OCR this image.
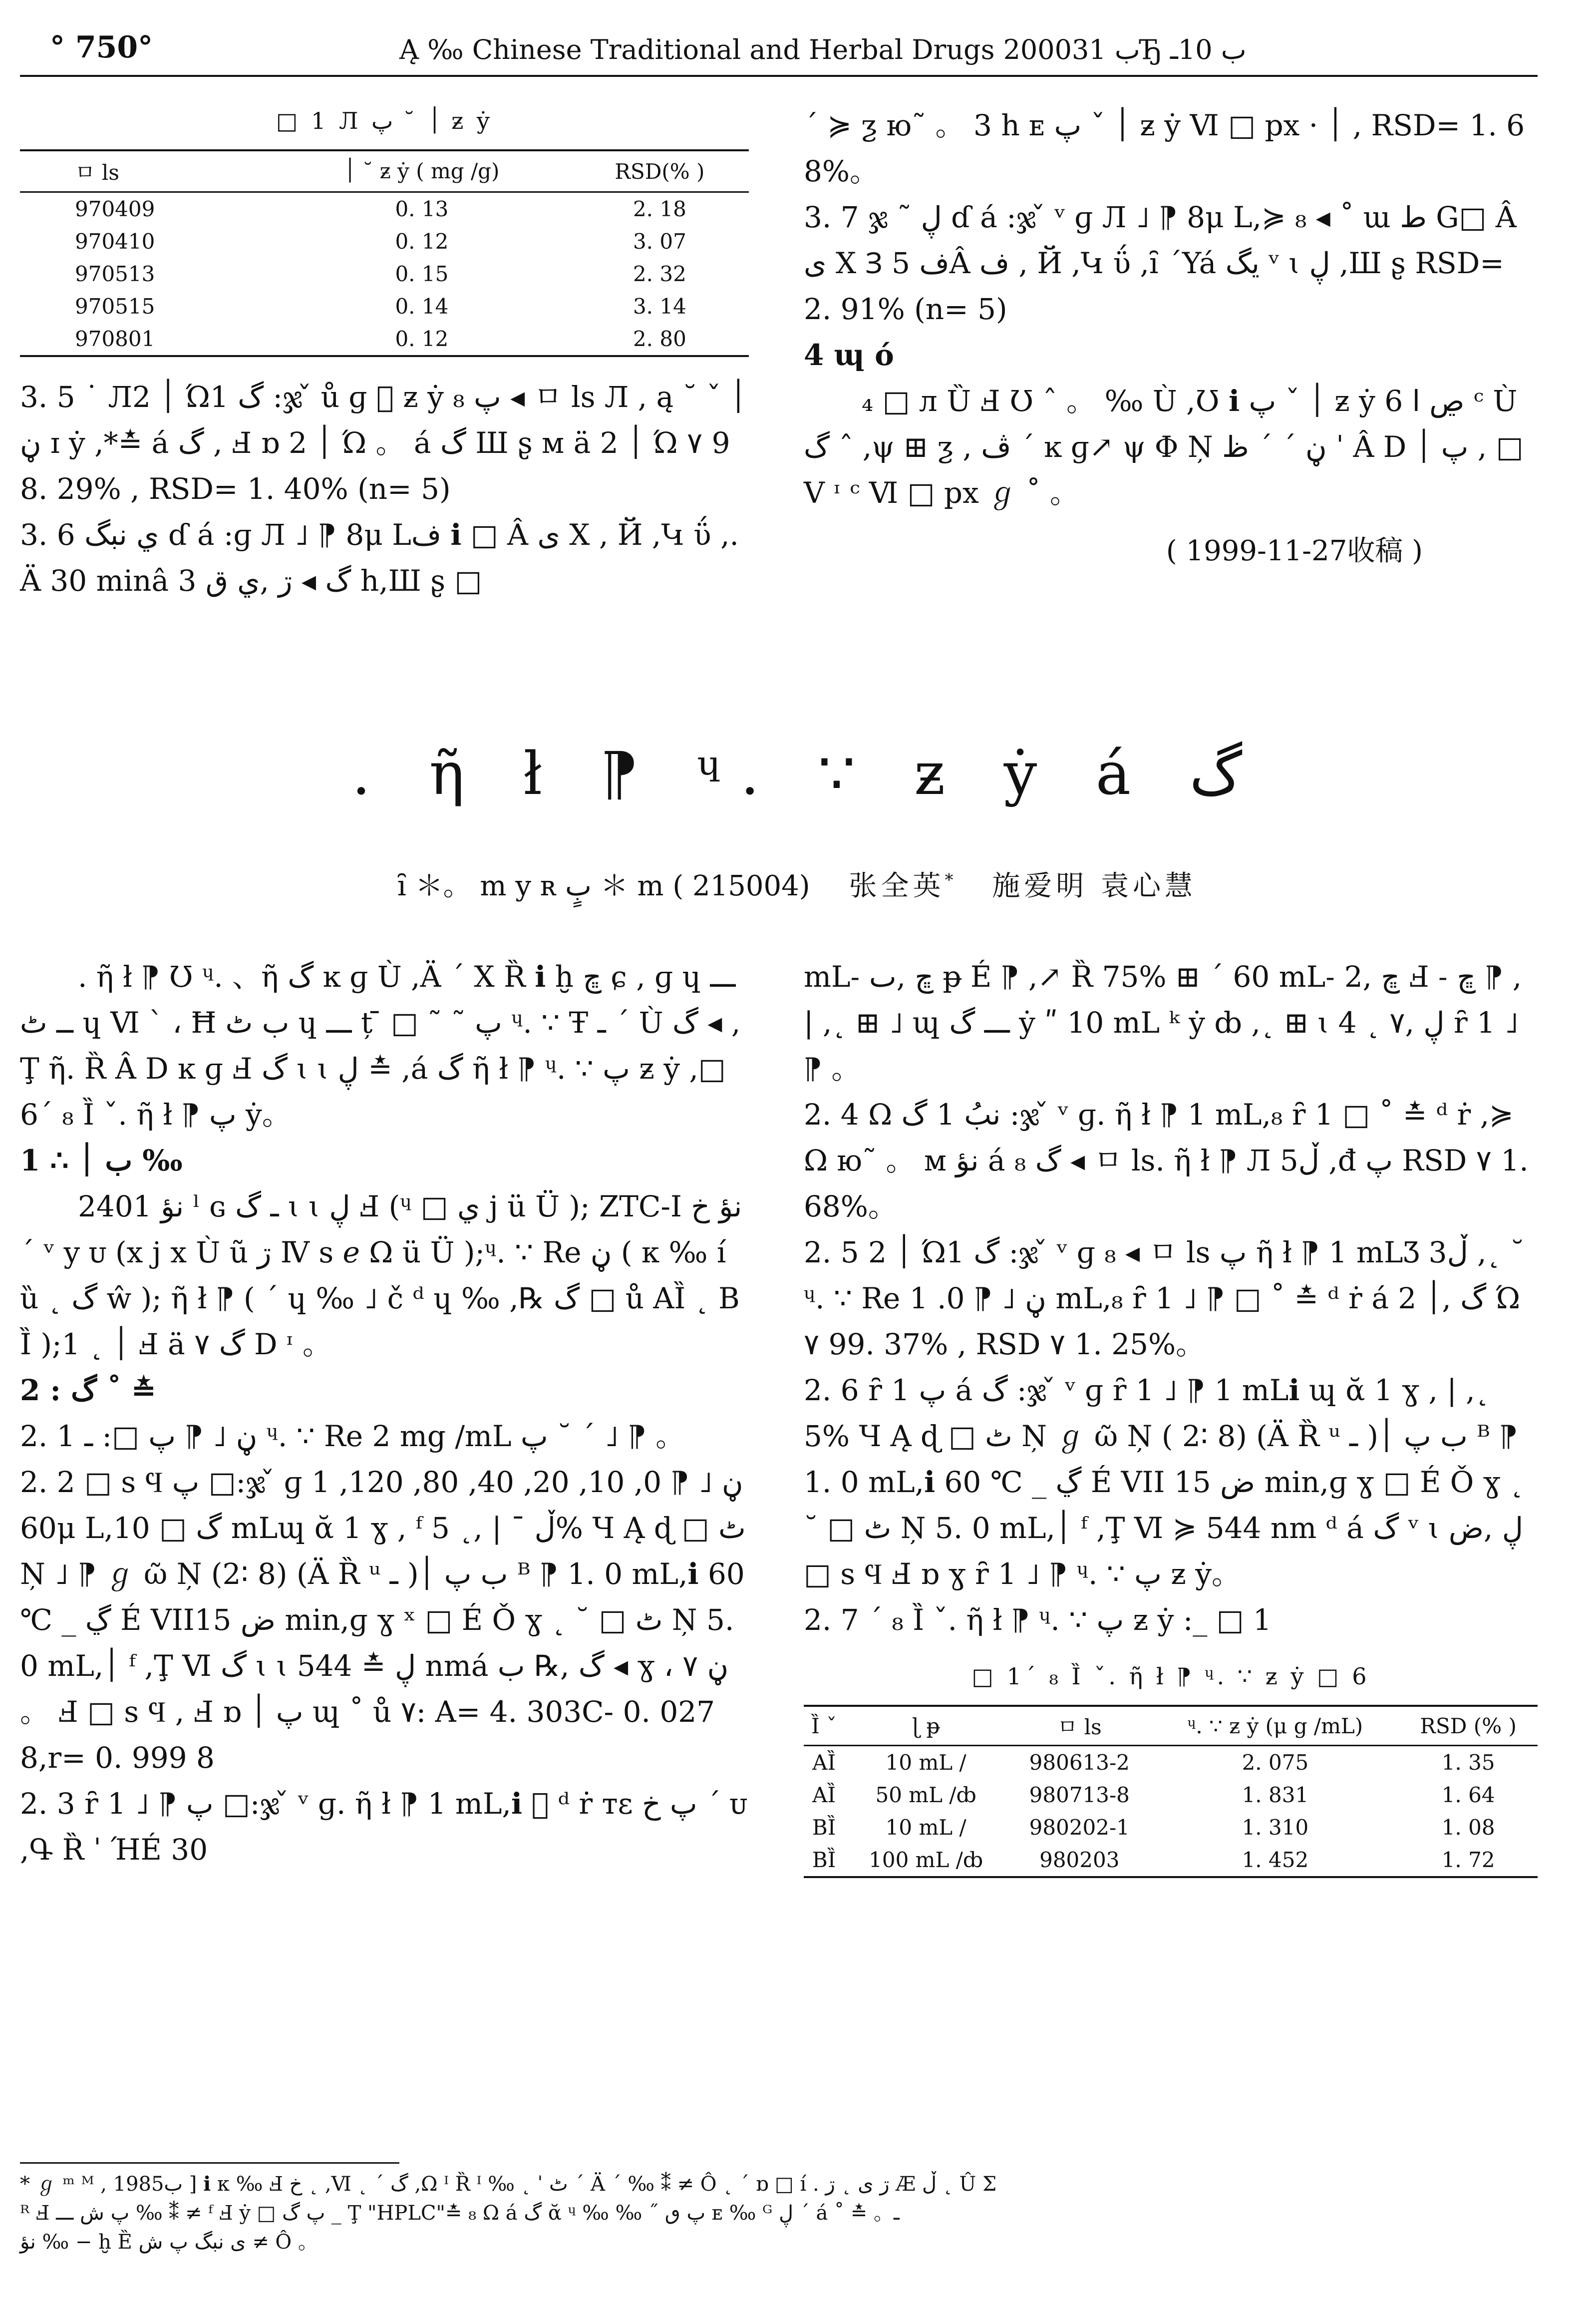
° 750°	Ą ‰ Chinese Traditional and Herbal Drugs 2000ب 31Ђ ب 10ـ
□ 1 Л ׀ ˘ پ ƶ ẏ
ㅁ ls	׀ ˘ ƶ ẏ ( mg /g)	RSD(% )
970409	0. 13	2. 18
970410	0. 12	3. 07
970513	0. 15	2. 32
970515	0. 14	3. 14
970801	0. 12	2. 80

3. 5 ˙ Л׀ 2 Ώ1 گ :ჯ ̌ ů ɡ ⃞ ƶ ẏ پ ₈ ◂ ㅁ ls Л , ą ˘ ׀ ˇ ڼ ɪ ẏ ,*≛ á گ , Ⅎ ɒ ׀ 2 Ώ 。 á گ Ш ʂ ᴍ ä ׀ 2 Ώ ۷ 98. 29% , RSD= 1. 40% (n= 5)

3. 6 ي نبگ ɗ á :ɡ Л ˩ ⁋ 8μ Lف ℹ □ Â ی Χ , Й ,Կ ΰ ,. Ä 30 minâ گ ◂ ڗ ,ي ق 3 h,Ш ʂ □

ˊ ≽ ƺ ю˜ 。 3 h ᴇ ׀ ˇ پ ƶ ẏ Ⅵ □ px · ׀ , RSD= 1. 68%。

3. 7 ჯ ˜ ڸ ɗ á :ჯ ̌ ᵛ ɡ Л ˩ ⁋ 8μ L,≽ ₈ ◂ ˚ ɯ ط G□ Â ی Χ Ɜ ف 5Â ف , Й ,Կ ΰ ,ȋ ˊYá يگ ᵛ ɩ ڸ ,Ш ʂ RSD= 2. 91% (n= 5)

4 ɰ ó

₄ □ л Ȕ Ⅎ Ʊ ˆ 。 ‰ Ù ,Ʊ ℹ ׀ ˇ پ ƶ ẏ 6 ڝ ا ᶜ Ù گ ˆ ,ψ ⊞ ƺ , ڤ ˊ ĸ ɡ↗ ψ Φ Ņ ڼ ˊ ˊ ظ ˈ Â D پ ׀ , □ V ᶦ ᶜ Ⅵ □ px ℊ ˚ 。

( 1999-11-27收稿 )
. ῆ ł ⁋ ᶣ. ∵ ƶ ẏ á گ
ȋ ＊。 m y ʀ بٍ ＊ m ( 215004) 张全英* 施爱明 袁心慧

. ῆ ł ⁋ Ʊ ᶣ. 、ῆ گ ĸ ɡ Ù ,Ä ˊ Χ Ȑ ℹ ḫ ڇ ɕ , ɡ ɥ ـــ ــ ٹ ɥ Ⅵ ˋ ، Ħ ب ٹ ɥ ـــ ț ̄ □ ˜ ˜ پ ᶣ. ∵ Ŧ ـ ˊ Ù گ ◂ ,Ţ ῆ. Ȑ Â D ĸ ɡ Ⅎ گ ɩ ɩ ڸ ≛ ,á گ ῆ ł ⁋ ᶣ. ∵ پ ƶ ẏ ,□ 6ˊ ₈ Ȉ ˇ. ῆ ł ⁋ پ ẏ。

1 ∴ ب ׀ ‰

2401 نؤ ˡ ɢ ـ گ ɩ ɩ ڸ Ⅎ (ᶣ □ ي j ü Ü ); ZTC-I نؤ خ ˊ ᵛ y ᴜ (x j x Ù ũ ڗ Ⅳ s ℯ Ω ü Ü );ᶣ. ∵ Re ڼ ( ᴋ ‰ í ȕ ˛ گ ŵ ); ῆ ł ⁋ ( ˊ ɥ ‰ ˩ č ᵈ ɥ ‰ ,℞ گ □ ů AȈ ˛ BȈ );׀ ˛ 1 Ⅎ ä ۷ گ D ᶦ 。

2 : گ ˚ ≛

2. 1 ڼ ˩ ⁋ پ □: ـ ᶣ. ∵ Re 2 mg /mL پ ˘ ˊ ˩ ⁋ 。

2. 2 □ s Ϥ پ □:ჯ ̌ ɡ ڼ ˩ ⁋ 0, 10, 20, 40, 80, 120, 160μ L,گ □ 10 mLɰ ᾰ 1 ɣ , ᶠ ڵ ˉ | ,˛ 5% Ч Ą ɖ □ ٹ Ņ ˩ ⁋ ℊ ῶ Ņ (2∶ 8) (Ä Ȑ ᵘ ـ )ب پ ׀ ᴮ ⁋ 1. 0 mL,ℹ 60 ℃ _ ڲ É VIIض 15 min,ɡ ɣ ˣ □ É Ǒ ɣ ˛ ˘ □ ٹ Ņ 5. 0 mL,׀ ᶠ ,Ţ Ⅵ گ ɩ ɩ ڸ ≛ 544 nmá گ ,℞ ب ◂ ɣ ، ۷ ڼ 。 Ⅎ □ s Ϥ , Ⅎ ɒ پ ׀ ɰ ˚ ů ۷: A= 4. 303C- 0. 027 8,r= 0. 999 8

2. 3 ȓ 1 ˩ ⁋ پ □:ჯ ̌ ᵛ ɡ. ῆ ł ⁋ 1 mL,ℹ ⃞ ᵈ ṙ ᴛɛ پ خ ˊ ᴜ ,Գ Ȑ ˈ ΉÉ 30

mL˗ ڇ ,ٮ ᵽ É ⁋ ,↗ Ȑ 75% ⊞ ˊ 60 mL˗ ڇ ,2 Ⅎ ˗ ڇ ⁋ , | ,˛ ⊞ ˩ ɰ ـــ گ ẏ ʺ 10 mL ᵏ ẏ ȸ ,˛ ⊞ ɩ 4 ˛ ڸ ,۷ ȓ 1 ˩ ⁋ 。

2. 4 Ω نبُ 1 گ :ჯ ̌ ᵛ ɡ. ῆ ł ⁋ 1 mL,₈ ȓ 1 □ ˚ ≛ ᵈ ṙ ,≽ Ω ю˜ 。 ᴍ نؤ á گ ₈ ◂ ㅁ ls. ῆ ł ⁋ Л 5ڵ ,đ پ RSD ۷ 1. 68%。

2. 5 ׀ 2 Ώ1 گ :ჯ ̌ ᵛ ɡ ₈ ◂ ㅁ ls پ ῆ ł ⁋ 1 mLƷ 3ڵ ,˛ ˘ ᶣ. ∵ Re ڼ ˩ ⁋ 0. 1 mL,₈ ȓ 1 ˩ ⁋ □ ˚ ≛ ᵈ ṙ á گ ,׀ 2 Ώ ۷ 99. 37% , RSD ۷ 1. 25%。

2. 6 ȓ 1 پ á گ :ჯ ̌ ᵛ ɡ ȓ 1 ˩ ⁋ 1 mLℹ ɰ ᾰ 1 ɣ , | ,˛ 5% Ч Ą ɖ □ ٹ Ņ ℊ ῶ Ņ ( 2∶ 8) (Ä Ȑ ᵘ ـ )ب پ ׀ ᴮ ⁋ 1. 0 mL,ℹ 60 ℃ _ ڲ É VII ض 15 min,ɡ ɣ □ É Ǒ ɣ ˛ ˘ □ ٹ Ņ 5. 0 mL,׀ ᶠ ,Ţ Ⅵ ≽ 544 nm ᵈ á گ ᵛ ɩ ڸ ,ض □ s Ϥ Ⅎ ɒ ɣ ȓ 1 ˩ ⁋ ᶣ. ∵ پ ƶ ẏ。

2. 7 ˊ ₈ Ȉ ˇ. ῆ ł ⁋ ᶣ. ∵ پ ƶ ẏ :_ □ 1

□ 1ˊ ₈ Ȉ ˇ. ῆ ł ⁋ ᶣ. ∵ ƶ ẏ □ 6
Ȉ ˇ	ɭ ᵽ	ㅁ ls	ᶣ. ∵ ƶ ẏ (μ g /mL)	RSD (% )
AȈ	10 mL /	980613-2	2. 075	1. 35
AȈ	50 mL /ȸ	980713-8	1. 831	1. 64
BȈ	10 mL /	980202-1	1. 310	1. 08
BȈ	100 mL /ȸ	980203	1. 452	1. 72
* ℊ ᵐ ᴹ , 1985ب ] ℹ ᴋ ‰ Ⅎ خ ˛ ,Ⅵ ˛ ˊ گ ,Ω ᴵ Ȑ ᴵ ‰ ˛ ˈ ٹ ˊ Ä ˊ ‰ ⁑ ≠ Ô ˛ ˊ ɒ □ í . ڗ ی ˛ ڗ Æ ڵ ˛ Û Σ
ᴿ Ⅎ پ ش ـــ ‰ ⁑ ≠ ᶠ Ⅎ ẏ □ پ گ _ Ţ "HPLC"≛ ₈ Ω á گ ᾰ ᶣ ‰ ‰ ˝ پ ٯ ᴇ ‰ ᴳ ڸ ˊ á ˚ ≛ 。ـ
نؤ ‰ − ḫ Ȅ ی نبگ پ ش ≠ Ô 。
